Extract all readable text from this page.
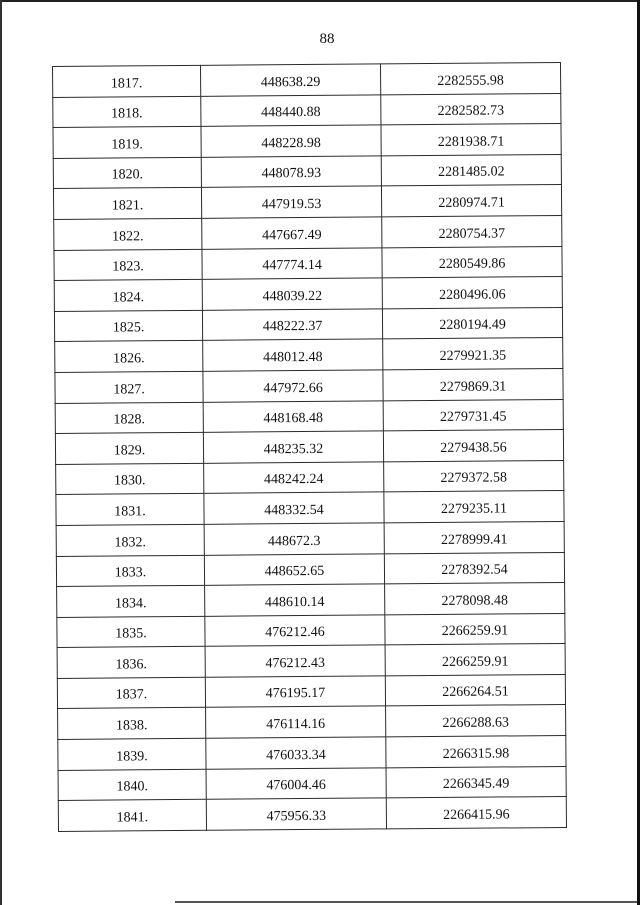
88
1817.	448638.29	2282555.98
1818.	448440.88	2282582.73
1819.	448228.98	2281938.71
1820.	448078.93	2281485.02
1821.	447919.53	2280974.71
1822.	447667.49	2280754.37
1823.	447774.14	2280549.86
1824.	448039.22	2280496.06
1825.	448222.37	2280194.49
1826.	448012.48	2279921.35
1827.	447972.66	2279869.31
1828.	448168.48	2279731.45
1829.	448235.32	2279438.56
1830.	448242.24	2279372.58
1831.	448332.54	2279235.11
1832.	448672.3	2278999.41
1833.	448652.65	2278392.54
1834.	448610.14	2278098.48
1835.	476212.46	2266259.91
1836.	476212.43	2266259.91
1837.	476195.17	2266264.51
1838.	476114.16	2266288.63
1839.	476033.34	2266315.98
1840.	476004.46	2266345.49
1841.	475956.33	2266415.96
